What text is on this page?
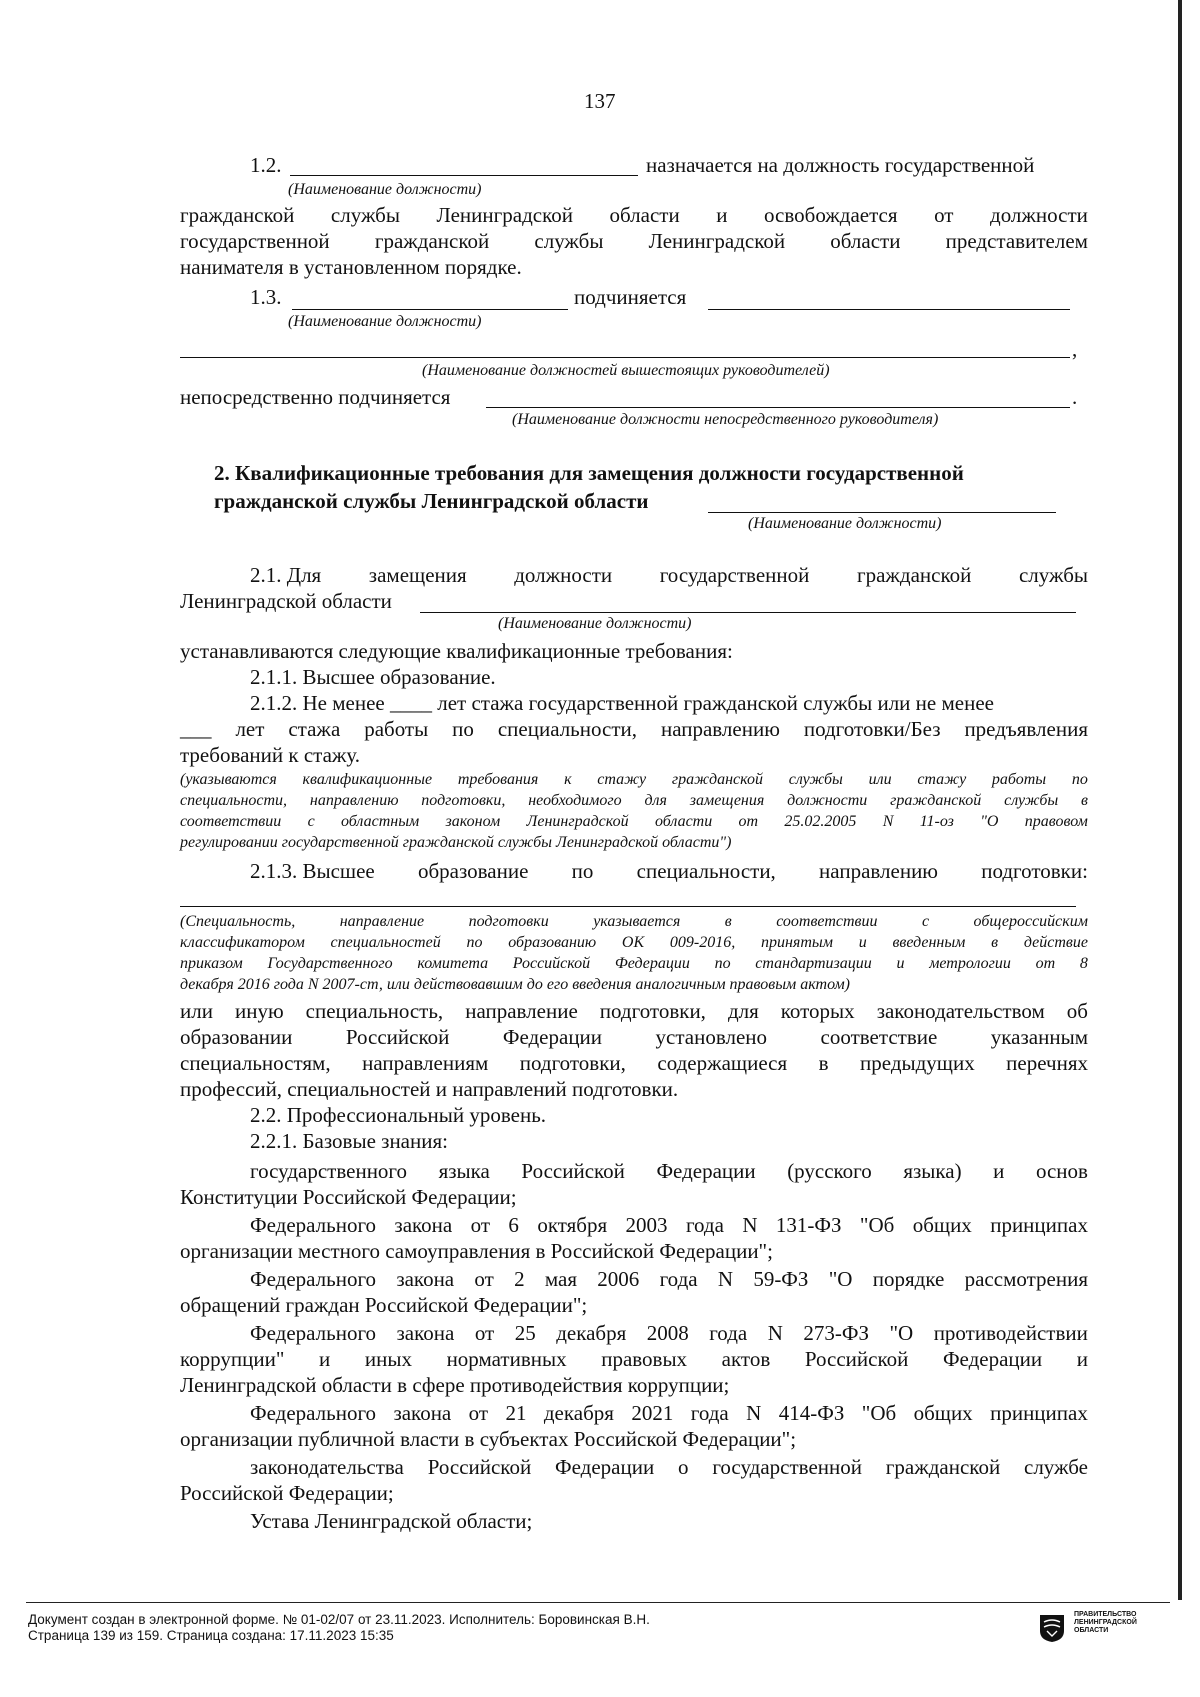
137
1.2.	назначается на должность государственной
(Наименование должности)
гражданской службы Ленинградской области и освобождается от должности
государственной гражданской службы Ленинградской области представителем
нанимателя в установленном порядке.
1.3.	подчиняется
(Наименование должности)
,
(Наименование должностей вышестоящих руководителей)
непосредственно подчиняется	.
(Наименование должности непосредственного руководителя)
2. Квалификационные требования для замещения должности государственной
гражданской службы Ленинградской области
(Наименование должности)
2.1. Для замещения должности государственной гражданской службы
Ленинградской области
(Наименование должности)
устанавливаются следующие квалификационные требования:
2.1.1. Высшее образование.
2.1.2. Не менее ____ лет стажа государственной гражданской службы или не менее
___ лет стажа работы по специальности, направлению подготовки/Без предъявления
требований к стажу.
(указываются квалификационные требования к стажу гражданской службы или стажу работы по
специальности, направлению подготовки, необходимого для замещения должности гражданской службы в
соответствии с областным законом Ленинградской области от 25.02.2005 N 11-оз "О правовом
регулировании государственной гражданской службы Ленинградской области")
2.1.3. Высшее образование по специальности, направлению подготовки:
(Специальность,	направление	подготовки	указывается	в	соответствии	с	общероссийским
классификатором специальностей по образованию ОК 009-2016, принятым и введенным в действие
приказом Государственного комитета Российской Федерации по стандартизации и метрологии от 8
декабря 2016 года N 2007-ст, или действовавшим до его введения аналогичным правовым актом)
или иную специальность, направление подготовки, для которых законодательством об
образовании	Российской	Федерации	установлено	соответствие	указанным
специальностям, направлениям подготовки, содержащиеся в предыдущих перечнях
профессий, специальностей и направлений подготовки.
2.2. Профессиональный уровень.
2.2.1. Базовые знания:
государственного языка Российской Федерации (русского языка) и основ
Конституции Российской Федерации;
Федерального закона от 6 октября 2003 года N 131-ФЗ "Об общих принципах
организации местного самоуправления в Российской Федерации";
Федерального закона от 2 мая 2006 года N 59-ФЗ "О порядке рассмотрения
обращений граждан Российской Федерации";
Федерального закона от 25 декабря 2008 года N 273-ФЗ "О противодействии
коррупции" и иных нормативных правовых актов Российской Федерации и
Ленинградской области в сфере противодействия коррупции;
Федерального закона от 21 декабря 2021 года N 414-ФЗ "Об общих принципах
организации публичной власти в субъектах Российской Федерации";
законодательства Российской Федерации о государственной гражданской службе
Российской Федерации;
Устава Ленинградской области;
Документ создан в электронной форме. № 01-02/07 от 23.11.2023. Исполнитель: Боровинская В.Н.
Страница 139 из 159. Страница создана: 17.11.2023 15:35
ПРАВИТЕЛЬСТВО ЛЕНИНГРАДСКОЙ ОБЛАСТИ
